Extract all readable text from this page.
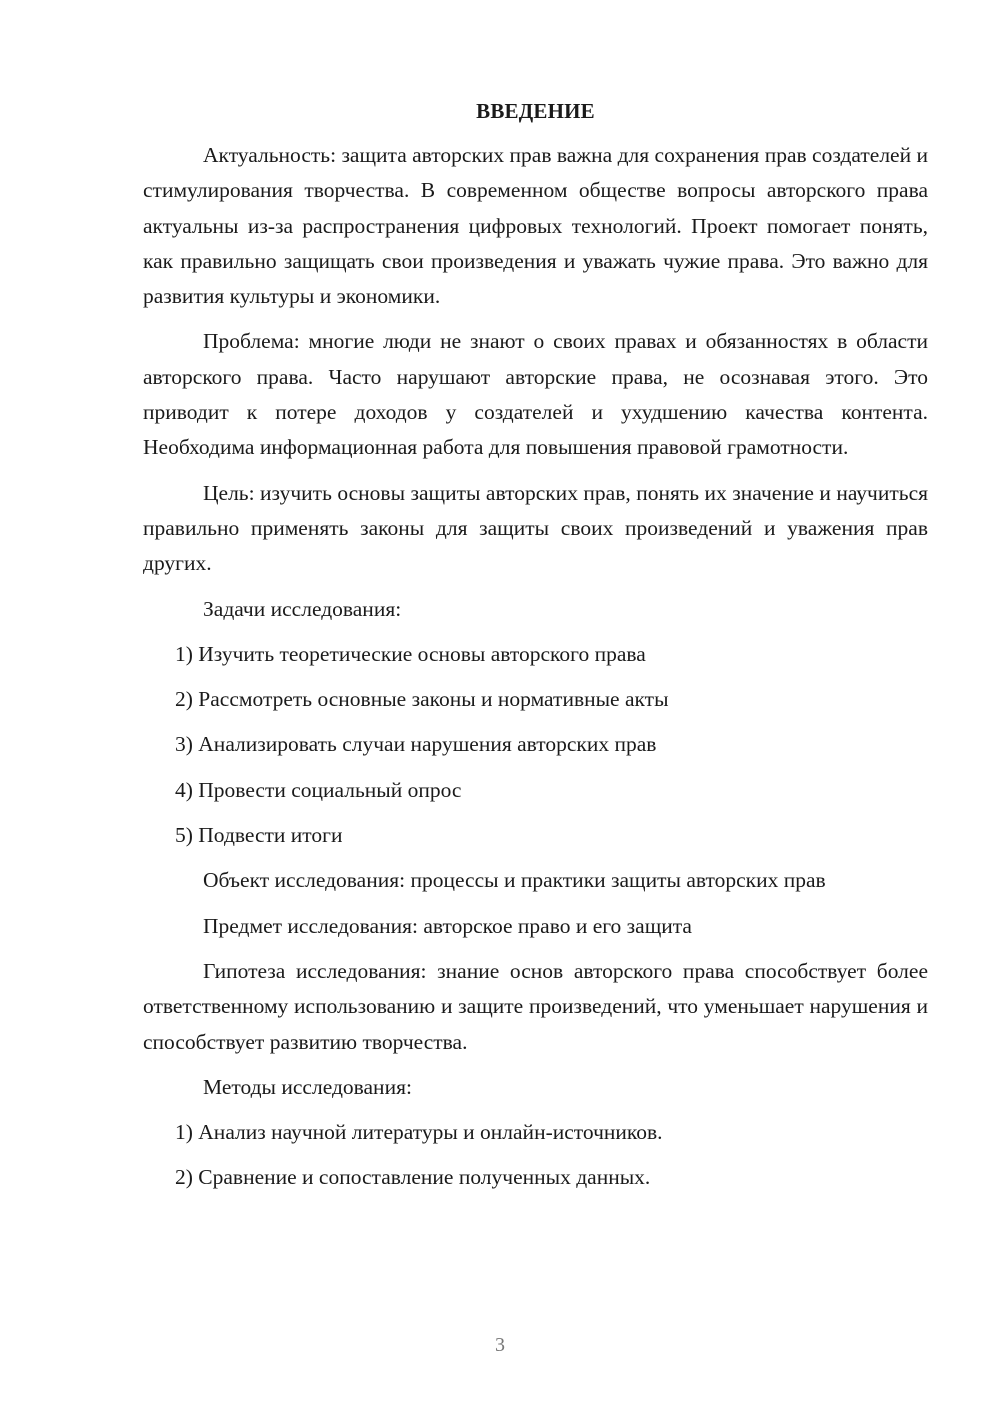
ВВЕДЕНИЕ

Актуальность: защита авторских прав важна для сохранения прав создателей и стимулирования творчества. В современном обществе вопросы авторского права актуальны из-за распространения цифровых технологий. Проект помогает понять, как правильно защищать свои произведения и уважать чужие права. Это важно для развития культуры и экономики.

Проблема: многие люди не знают о своих правах и обязанностях в области авторского права. Часто нарушают авторские права, не осознавая этого. Это приводит к потере доходов у создателей и ухудшению качества контента. Необходима информационная работа для повышения правовой грамотности.

Цель: изучить основы защиты авторских прав, понять их значение и научиться правильно применять законы для защиты своих произведений и уважения прав других.

Задачи исследования:
1) Изучить теоретические основы авторского права
2) Рассмотреть основные законы и нормативные акты
3) Анализировать случаи нарушения авторских прав
4) Провести социальный опрос
5) Подвести итоги
Объект исследования: процессы и практики защиты авторских прав
Предмет исследования: авторское право и его защита

Гипотеза исследования: знание основ авторского права способствует более ответственному использованию и защите произведений, что уменьшает нарушения и способствует развитию творчества.

Методы исследования:
1) Анализ научной литературы и онлайн-источников.
2) Сравнение и сопоставление полученных данных.
3
